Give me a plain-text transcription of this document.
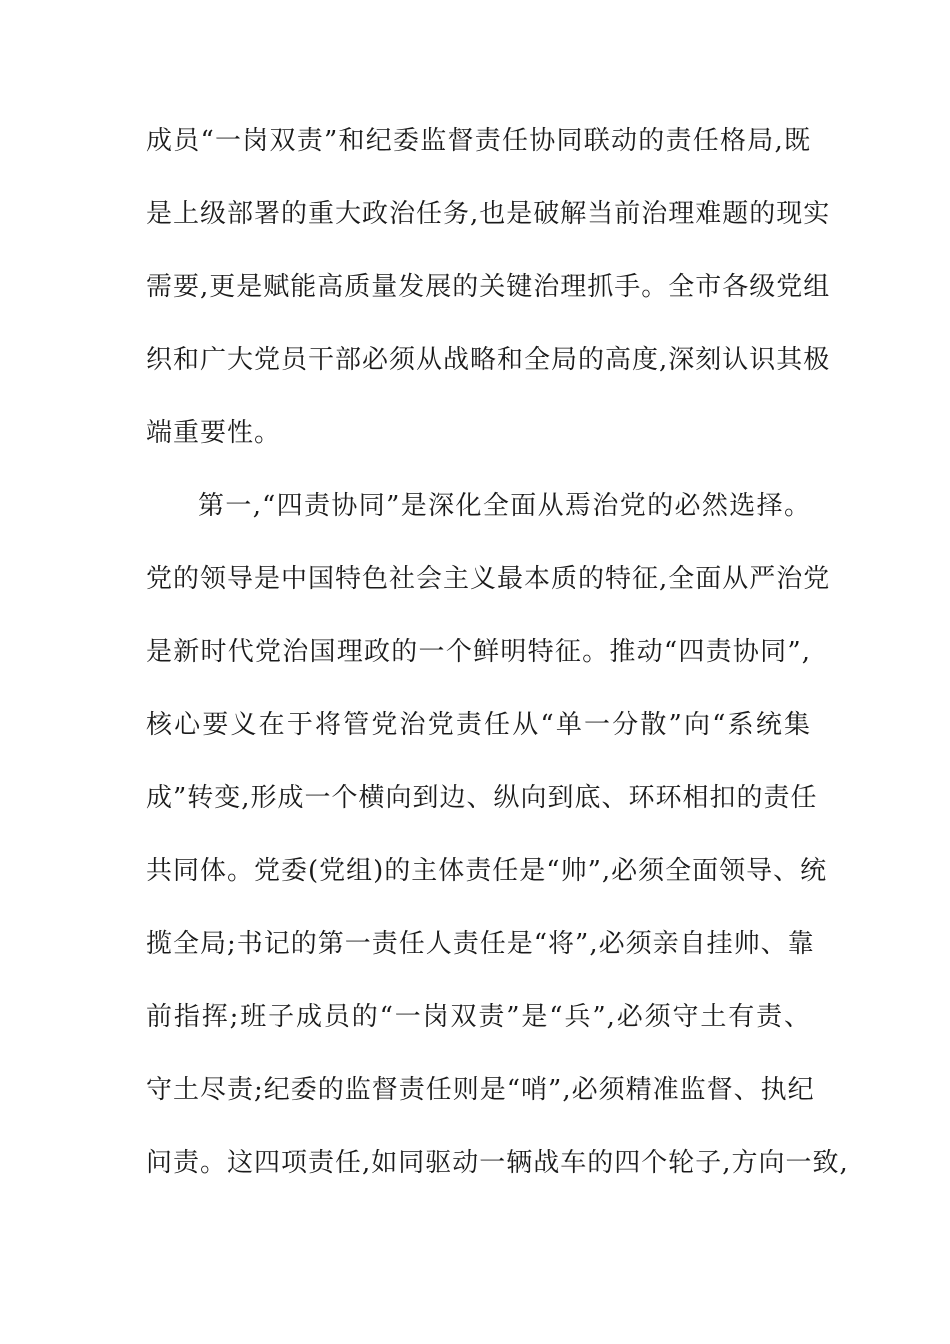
成员“一岗双责”和纪委监督责任协同联动的责任格局,既
是上级部署的重大政治任务,也是破解当前治理难题的现实
需要,更是赋能高质量发展的关键治理抓手。全市各级党组
织和广大党员干部必须从战略和全局的高度,深刻认识其极
端重要性。
第一,“四责协同”是深化全面从焉治党的必然选择。
党的领导是中国特色社会主义最本质的特征,全面从严治党
是新时代党治国理政的一个鲜明特征。推动“四责协同”,
核心要义在于将管党治党责任从“单一分散”向“系统集
成”转变,形成一个横向到边、纵向到底、环环相扣的责任
共同体。党委(党组)的主体责任是“帅”,必须全面领导、统
揽全局;书记的第一责任人责任是“将”,必须亲自挂帅、靠
前指挥;班子成员的“一岗双责”是“兵”,必须守土有责、
守土尽责;纪委的监督责任则是“哨”,必须精准监督、执纪
问责。这四项责任,如同驱动一辆战车的四个轮子,方向一致,
